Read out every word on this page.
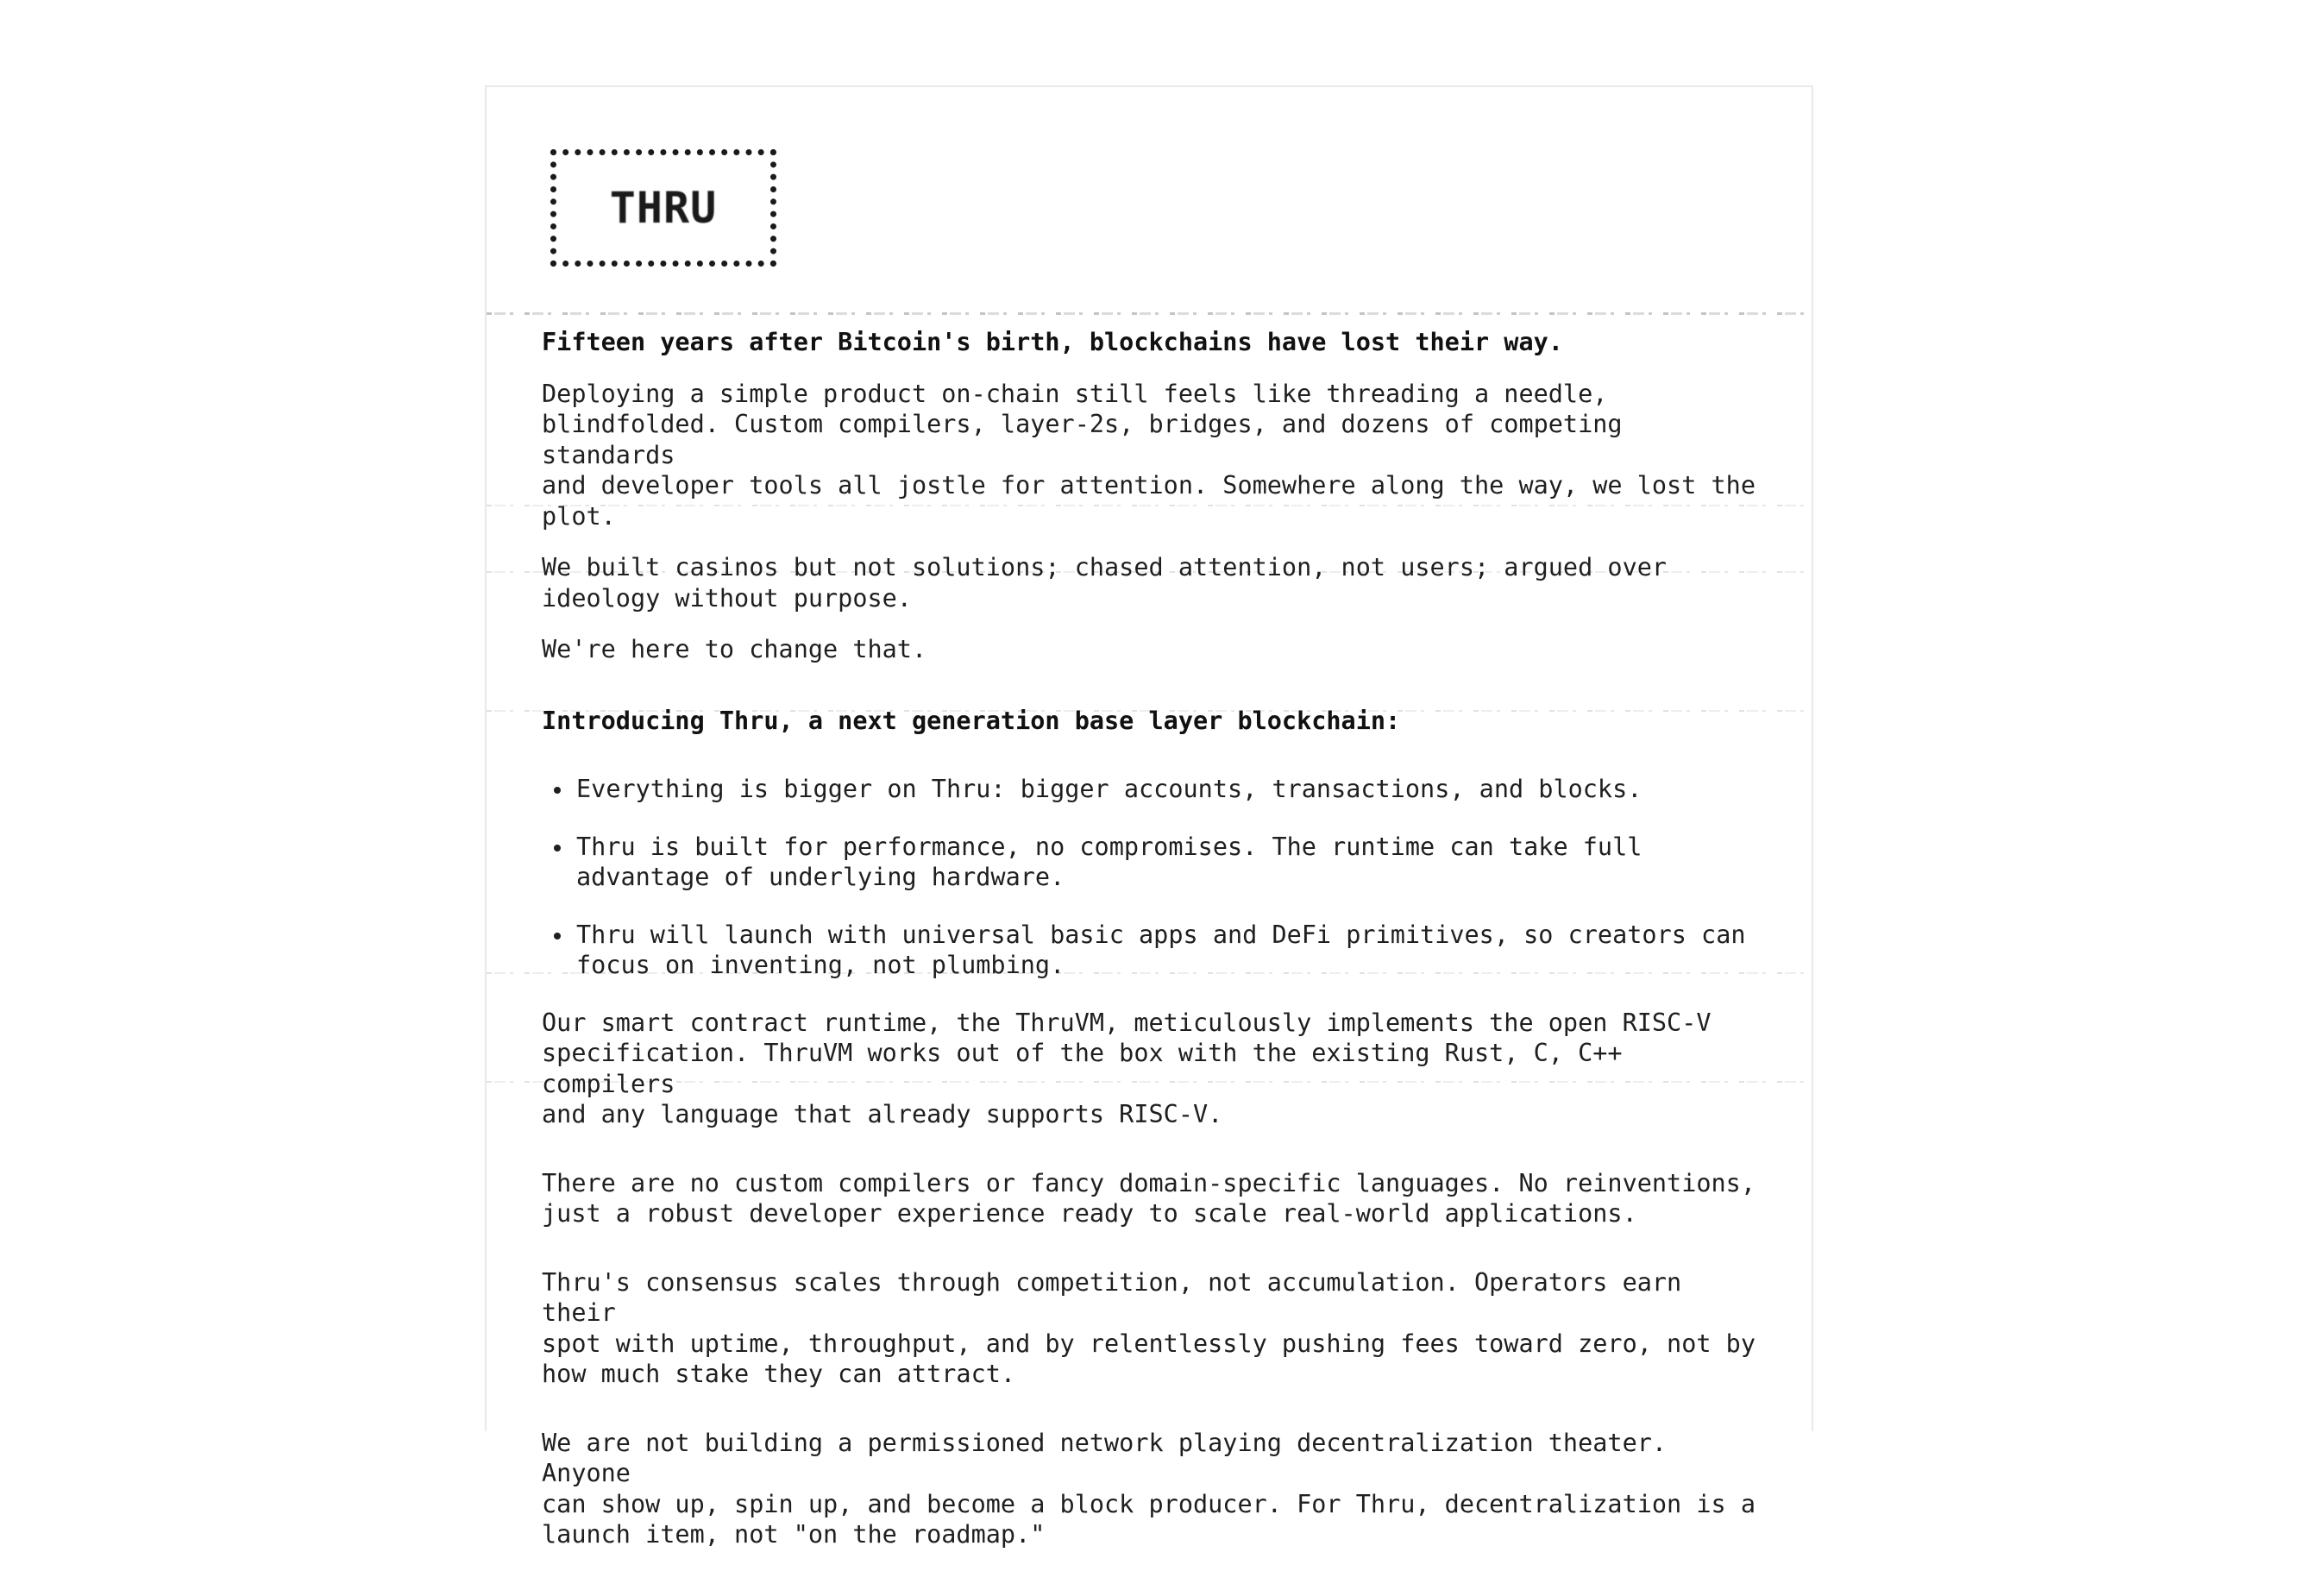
THRU
Fifteen years after Bitcoin's birth, blockchains have lost their way.

Deploying a simple product on-chain still feels like threading a needle,
blindfolded. Custom compilers, layer-2s, bridges, and dozens of competing standards
and developer tools all jostle for attention. Somewhere along the way, we lost the
plot.

We built casinos but not solutions; chased attention, not users; argued over
ideology without purpose.

We're here to change that.

Introducing Thru, a next generation base layer blockchain:
Everything is bigger on Thru: bigger accounts, transactions, and blocks.
Thru is built for performance, no compromises. The runtime can take full
advantage of underlying hardware.
Thru will launch with universal basic apps and DeFi primitives, so creators can
focus on inventing, not plumbing.

Our smart contract runtime, the ThruVM, meticulously implements the open RISC-V
specification. ThruVM works out of the box with the existing Rust, C, C++ compilers
and any language that already supports RISC-V.

There are no custom compilers or fancy domain-specific languages. No reinventions,
just a robust developer experience ready to scale real-world applications.

Thru's consensus scales through competition, not accumulation. Operators earn their
spot with uptime, throughput, and by relentlessly pushing fees toward zero, not by
how much stake they can attract.

We are not building a permissioned network playing decentralization theater. Anyone
can show up, spin up, and become a block producer. For Thru, decentralization is a
launch item, not "on the roadmap."
